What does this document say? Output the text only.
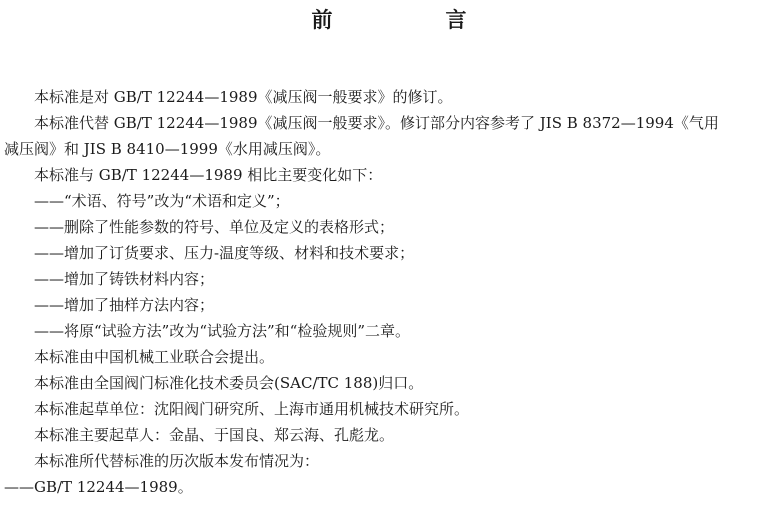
前　言

本标准是对 GB/T 12244—1989《减压阀一般要求》的修订。

本标准代替 GB/T 12244—1989《减压阀一般要求》。修订部分内容参考了 JIS B 8372—1994《气用

减压阀》和 JIS B 8410—1999《水用减压阀》。

本标准与 GB/T 12244—1989 相比主要变化如下：

——“术语、符号”改为“术语和定义”；

——删除了性能参数的符号、单位及定义的表格形式；

——增加了订货要求、压力-温度等级、材料和技术要求；

——增加了铸铁材料内容；

——增加了抽样方法内容；

——将原“试验方法”改为“试验方法”和“检验规则”二章。

本标准由中国机械工业联合会提出。

本标准由全国阀门标准化技术委员会(SAC/TC 188)归口。

本标准起草单位：沈阳阀门研究所、上海市通用机械技术研究所。

本标准主要起草人：金晶、于国良、郑云海、孔彪龙。

本标准所代替标准的历次版本发布情况为：

——GB/T 12244—1989。
